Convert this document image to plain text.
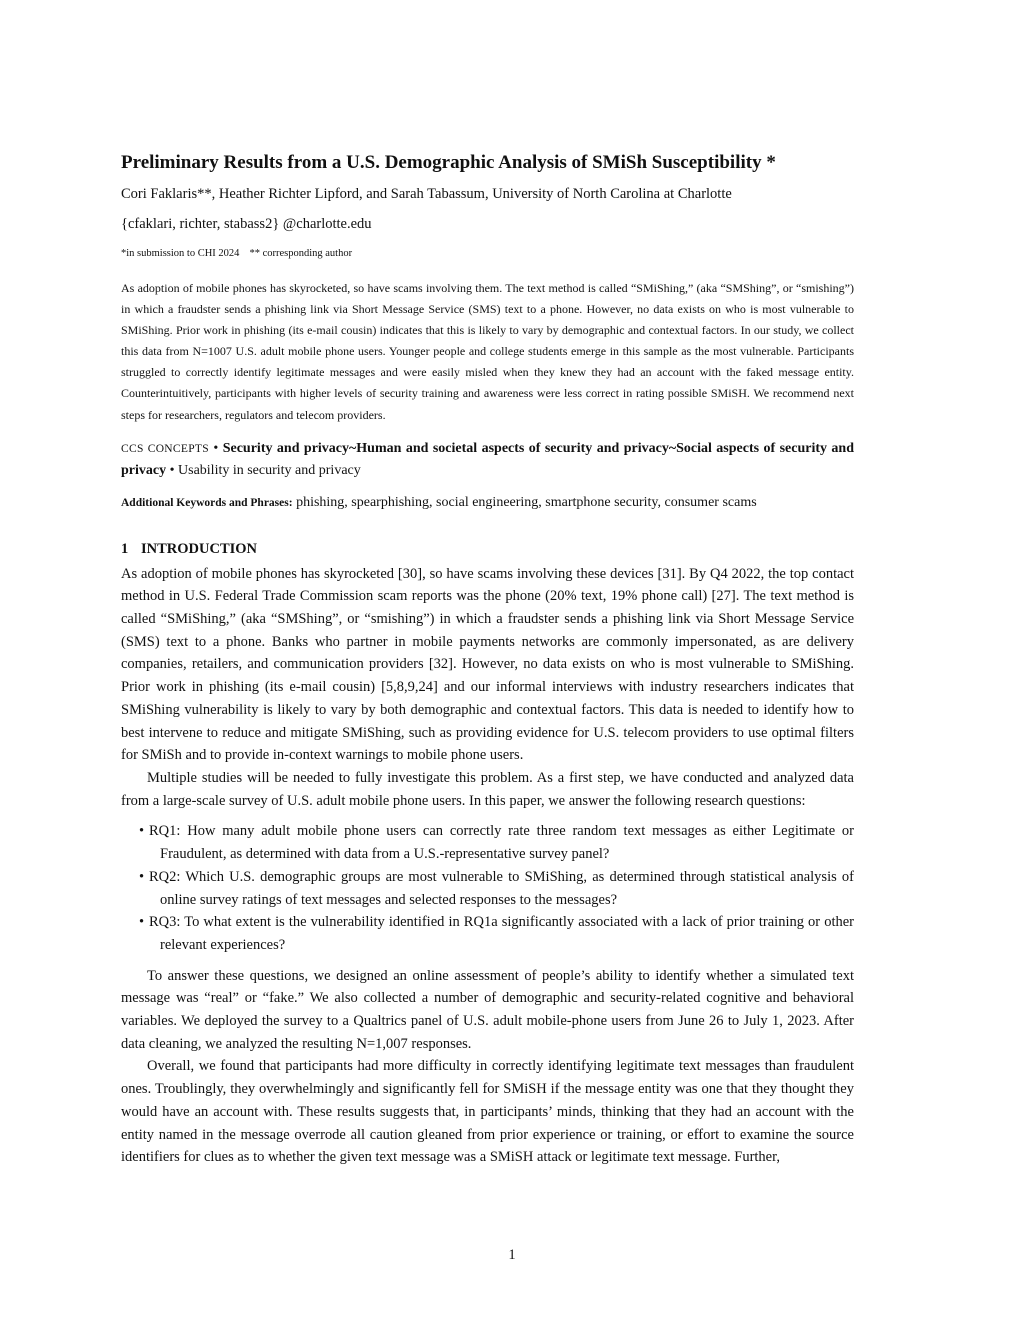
Preliminary Results from a U.S. Demographic Analysis of SMiSh Susceptibility *
Cori Faklaris**, Heather Richter Lipford, and Sarah Tabassum, University of North Carolina at Charlotte
{cfaklari, richter, stabass2} @charlotte.edu
*in submission to CHI 2024 ** corresponding author

As adoption of mobile phones has skyrocketed, so have scams involving them. The text method is called “SMiShing,” (aka “SMShing”, or “smishing”) in which a fraudster sends a phishing link via Short Message Service (SMS) text to a phone. However, no data exists on who is most vulnerable to SMiShing. Prior work in phishing (its e-mail cousin) indicates that this is likely to vary by demographic and contextual factors. In our study, we collect this data from N=1007 U.S. adult mobile phone users. Younger people and college students emerge in this sample as the most vulnerable. Participants struggled to correctly identify legitimate messages and were easily misled when they knew they had an account with the faked message entity. Counterintuitively, participants with higher levels of security training and awareness were less correct in rating possible SMiSH. We recommend next steps for researchers, regulators and telecom providers.

CCS CONCEPTS • Security and privacy~Human and societal aspects of security and privacy~Social aspects of security and privacy • Usability in security and privacy
Additional Keywords and Phrases: phishing, spearphishing, social engineering, smartphone security, consumer scams
1 INTRODUCTION

As adoption of mobile phones has skyrocketed [30], so have scams involving these devices [31]. By Q4 2022, the top contact method in U.S. Federal Trade Commission scam reports was the phone (20% text, 19% phone call) [27]. The text method is called “SMiShing,” (aka “SMShing”, or “smishing”) in which a fraudster sends a phishing link via Short Message Service (SMS) text to a phone. Banks who partner in mobile payments networks are commonly impersonated, as are delivery companies, retailers, and communication providers [32]. However, no data exists on who is most vulnerable to SMiShing. Prior work in phishing (its e-mail cousin) [5,8,9,24] and our informal interviews with industry researchers indicates that SMiShing vulnerability is likely to vary by both demographic and contextual factors. This data is needed to identify how to best intervene to reduce and mitigate SMiShing, such as providing evidence for U.S. telecom providers to use optimal filters for SMiSh and to provide in-context warnings to mobile phone users.

Multiple studies will be needed to fully investigate this problem. As a first step, we have conducted and analyzed data from a large-scale survey of U.S. adult mobile phone users. In this paper, we answer the following research questions:

• RQ1: How many adult mobile phone users can correctly rate three random text messages as either Legitimate or Fraudulent, as determined with data from a U.S.-representative survey panel?
• RQ2: Which U.S. demographic groups are most vulnerable to SMiShing, as determined through statistical analysis of online survey ratings of text messages and selected responses to the messages?
• RQ3: To what extent is the vulnerability identified in RQ1a significantly associated with a lack of prior training or other relevant experiences?

To answer these questions, we designed an online assessment of people’s ability to identify whether a simulated text message was “real” or “fake.” We also collected a number of demographic and security-related cognitive and behavioral variables. We deployed the survey to a Qualtrics panel of U.S. adult mobile-phone users from June 26 to July 1, 2023. After data cleaning, we analyzed the resulting N=1,007 responses.

Overall, we found that participants had more difficulty in correctly identifying legitimate text messages than fraudulent ones. Troublingly, they overwhelmingly and significantly fell for SMiSH if the message entity was one that they thought they would have an account with. These results suggests that, in participants’ minds, thinking that they had an account with the entity named in the message overrode all caution gleaned from prior experience or training, or effort to examine the source identifiers for clues as to whether the given text message was a SMiSH attack or legitimate text message. Further,

1
